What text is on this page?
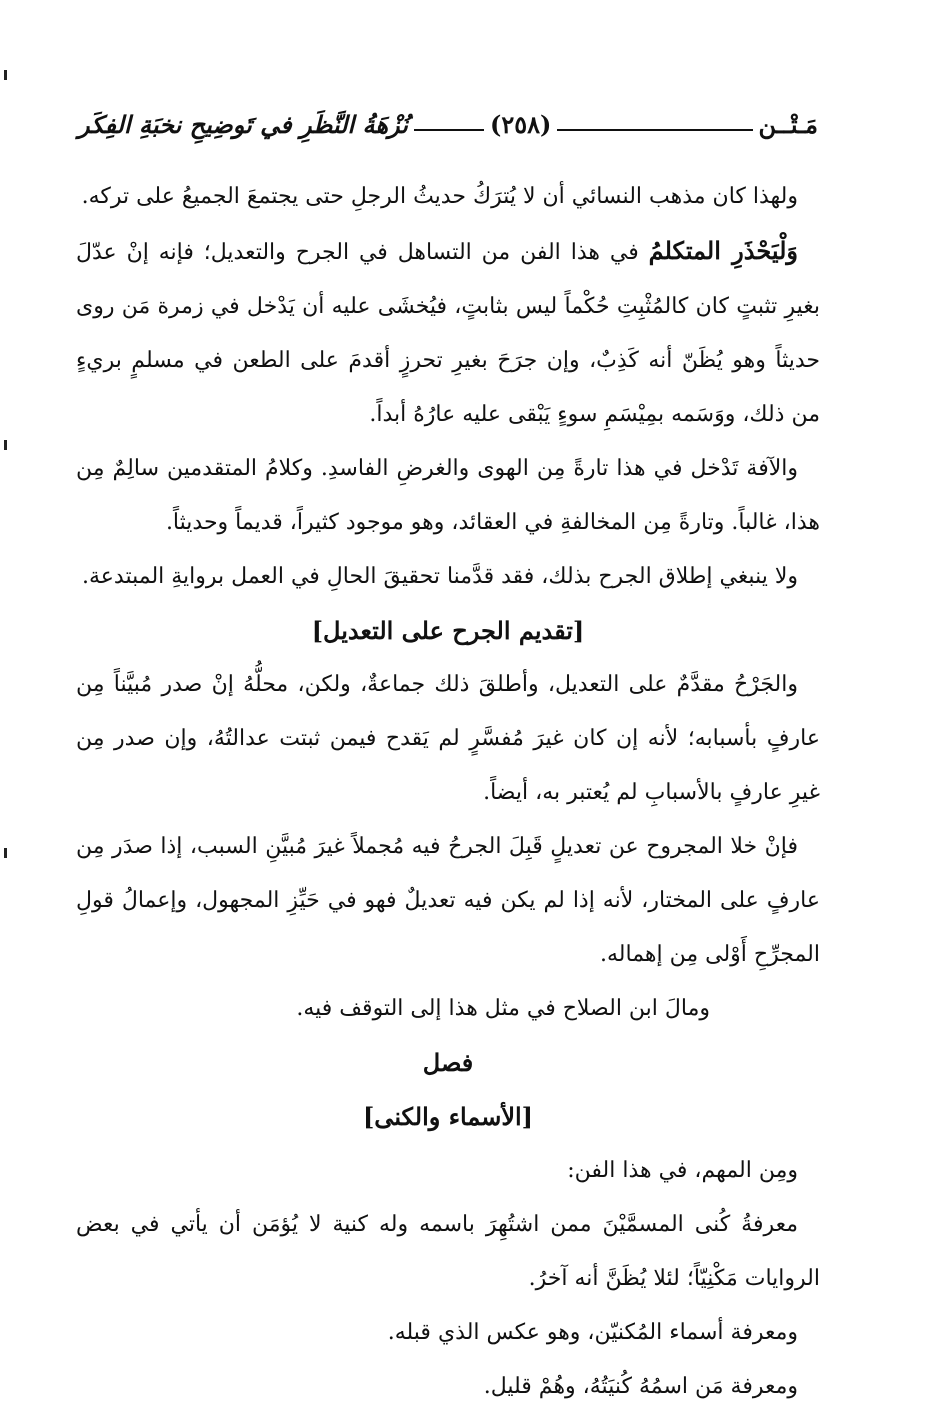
مَـتْــن
(٢٥٨)
نُزْهَةُ النَّظَرِ في تَوضِيحِ نخبَةِ الفِكَر

ولهذا كان مذهب النسائي أن لا يُترَكُ حديثُ الرجلِ حتى يجتمعَ الجميعُ على تركه.

وَلْيَحْذَرِ المتكلمُ في هذا الفن من التساهل في الجرح والتعديل؛ فإنه إنْ عدّلَ بغيرِ تثبتٍ كان كالمُثْبِتِ حُكْماً ليس بثابتٍ، فيُخشَى عليه أن يَدْخل في زمرة مَن روى حديثاً وهو يُظَنّ أنه كَذِبٌ، وإن جرَحَ بغيرِ تحرزٍ أقدمَ على الطعن في مسلمٍ بريءٍ من ذلك، ووَسَمه بمِيْسَمِ سوءٍ يَبْقى عليه عارُهُ أبداً.

والآفة تَدْخل في هذا تارةً مِن الهوى والغرضِ الفاسدِ. وكلامُ المتقدمين سالِمٌ مِن هذا، غالباً. وتارةً مِن المخالفةِ في العقائد، وهو موجود كثيراً، قديماً وحديثاً.

ولا ينبغي إطلاق الجرح بذلك، فقد قدَّمنا تحقيقَ الحالِ في العمل بروايةِ المبتدعة.

[تقديم الجرح على التعديل]

والجَرْحُ مقدَّمٌ على التعديل، وأطلقَ ذلك جماعةٌ، ولكن، محلُّهُ إنْ صدر مُبيَّناً مِن عارفٍ بأسبابه؛ لأنه إن كان غيرَ مُفسَّرٍ لم يَقدح فيمن ثبتت عدالتُهُ، وإن صدر مِن غيرِ عارفٍ بالأسبابِ لم يُعتبر به، أيضاً.

فإنْ خلا المجروح عن تعديلٍ قَبِلَ الجرحُ فيه مُجملاً غيرَ مُبيَّنِ السبب، إذا صدَر مِن عارفٍ على المختار، لأنه إذا لم يكن فيه تعديلٌ فهو في حَيِّزِ المجهول، وإعمالُ قولِ المجرِّحِ أَوْلى مِن إهماله.

ومالَ ابن الصلاح في مثل هذا إلى التوقف فيه.

فصل

[الأسماء والكنى]

ومِن المهم، في هذا الفن:

معرفةُ كُنى المسمَّيْنَ ممن اشتُهِرَ باسمه وله كنية لا يُؤمَن أن يأتي في بعض الروايات مَكْنِيّاً؛ لئلا يُظَنَّ أنه آخرُ.

ومعرفة أسماء المُكنيّن، وهو عكس الذي قبله.

ومعرفة مَن اسمُهُ كُنيَتُهُ، وهُمْ قليل.
